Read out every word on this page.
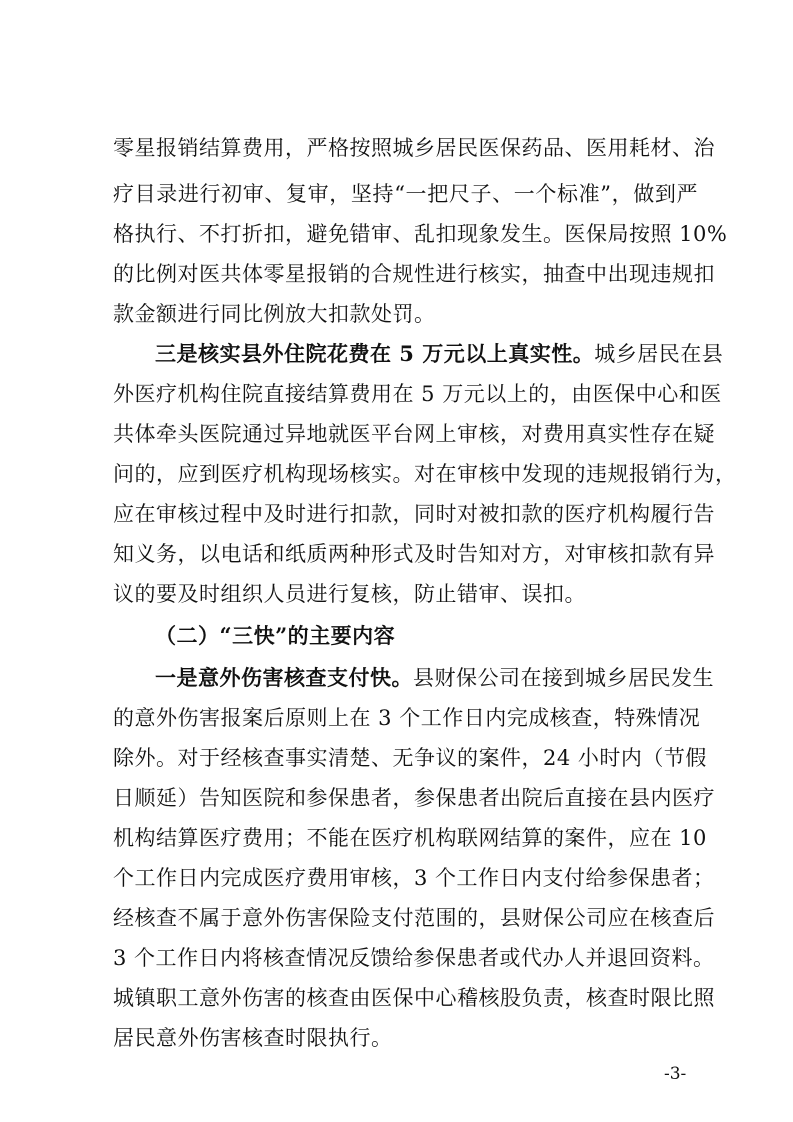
零星报销结算费用，严格按照城乡居民医保药品、医用耗材、治
疗目录进行初审、复审，坚持“一把尺子、一个标准”，做到严
格执行、不打折扣，避免错审、乱扣现象发生。医保局按照 10%
的比例对医共体零星报销的合规性进行核实，抽查中出现违规扣
款金额进行同比例放大扣款处罚。
三是核实县外住院花费在 5 万元以上真实性。城乡居民在县
外医疗机构住院直接结算费用在 5 万元以上的，由医保中心和医
共体牵头医院通过异地就医平台网上审核，对费用真实性存在疑
问的，应到医疗机构现场核实。对在审核中发现的违规报销行为，
应在审核过程中及时进行扣款，同时对被扣款的医疗机构履行告
知义务，以电话和纸质两种形式及时告知对方，对审核扣款有异
议的要及时组织人员进行复核，防止错审、误扣。
（二）“三快”的主要内容
一是意外伤害核查支付快。县财保公司在接到城乡居民发生
的意外伤害报案后原则上在 3 个工作日内完成核查，特殊情况
除外。对于经核查事实清楚、无争议的案件，24 小时内（节假
日顺延）告知医院和参保患者，参保患者出院后直接在县内医疗
机构结算医疗费用；不能在医疗机构联网结算的案件，应在 10
个工作日内完成医疗费用审核，3 个工作日内支付给参保患者；
经核查不属于意外伤害保险支付范围的，县财保公司应在核查后
3 个工作日内将核查情况反馈给参保患者或代办人并退回资料。
城镇职工意外伤害的核查由医保中心稽核股负责，核查时限比照
居民意外伤害核查时限执行。
-3-
